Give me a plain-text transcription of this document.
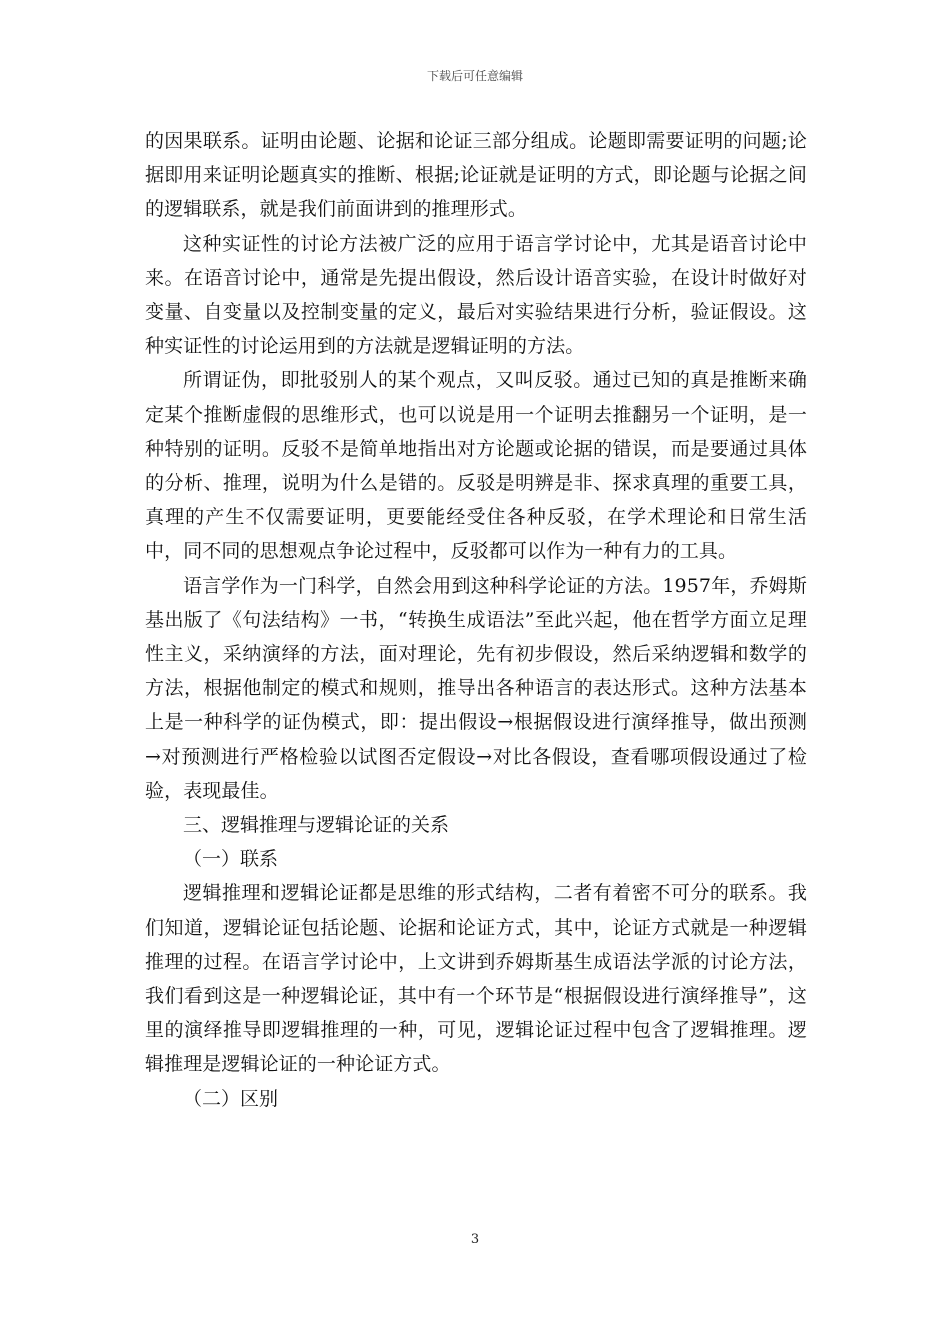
下载后可任意编辑

的因果联系。证明由论题、论据和论证三部分组成。论题即需要证明的问题;论据即用来证明论题真实的推断、根据;论证就是证明的方式，即论题与论据之间的逻辑联系，就是我们前面讲到的推理形式。

这种实证性的讨论方法被广泛的应用于语言学讨论中，尤其是语音讨论中来。在语音讨论中，通常是先提出假设，然后设计语音实验，在设计时做好对变量、自变量以及控制变量的定义，最后对实验结果进行分析，验证假设。这种实证性的讨论运用到的方法就是逻辑证明的方法。

所谓证伪，即批驳别人的某个观点，又叫反驳。通过已知的真是推断来确定某个推断虚假的思维形式，也可以说是用一个证明去推翻另一个证明，是一种特别的证明。反驳不是简单地指出对方论题或论据的错误，而是要通过具体的分析、推理，说明为什么是错的。反驳是明辨是非、探求真理的重要工具，真理的产生不仅需要证明，更要能经受住各种反驳，在学术理论和日常生活中，同不同的思想观点争论过程中，反驳都可以作为一种有力的工具。

语言学作为一门科学，自然会用到这种科学论证的方法。1957年，乔姆斯基出版了《句法结构》一书，“转换生成语法”至此兴起，他在哲学方面立足理性主义，采纳演绎的方法，面对理论，先有初步假设，然后采纳逻辑和数学的方法，根据他制定的模式和规则，推导出各种语言的表达形式。这种方法基本上是一种科学的证伪模式，即：提出假设→根据假设进行演绎推导，做出预测→对预测进行严格检验以试图否定假设→对比各假设，查看哪项假设通过了检验，表现最佳。

三、逻辑推理与逻辑论证的关系

（一）联系

逻辑推理和逻辑论证都是思维的形式结构，二者有着密不可分的联系。我们知道，逻辑论证包括论题、论据和论证方式，其中，论证方式就是一种逻辑推理的过程。在语言学讨论中，上文讲到乔姆斯基生成语法学派的讨论方法，我们看到这是一种逻辑论证，其中有一个环节是“根据假设进行演绎推导”，这里的演绎推导即逻辑推理的一种，可见，逻辑论证过程中包含了逻辑推理。逻辑推理是逻辑论证的一种论证方式。

（二）区别

3
